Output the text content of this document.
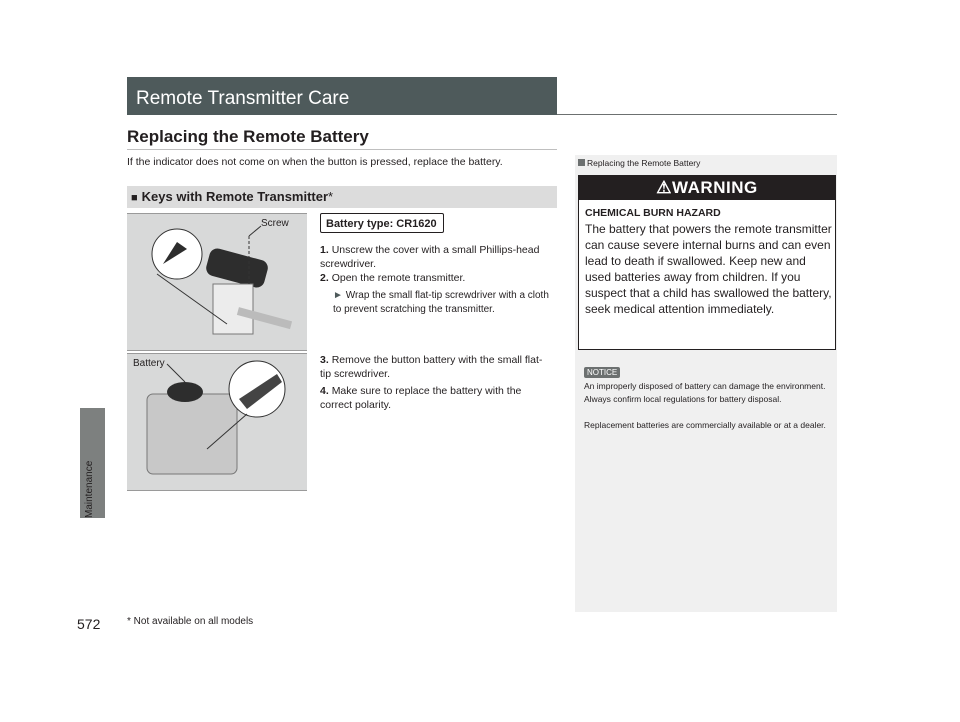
Maintenance
572
Remote Transmitter Care
Replacing the Remote Battery
If the indicator does not come on when the button is pressed, replace the battery.
■ Keys with Remote Transmitter*
Screw
Battery
Battery type: CR1620
1. Unscrew the cover with a small Phillips-head screwdriver.
2. Open the remote transmitter.
► Wrap the small flat-tip screwdriver with a cloth to prevent scratching the transmitter.
3. Remove the button battery with the small flat-tip screwdriver.
4. Make sure to replace the battery with the correct polarity.
Replacing the Remote Battery
⚠WARNING
CHEMICAL BURN HAZARD
The battery that powers the remote transmitter can cause severe internal burns and can even lead to death if swallowed. Keep new and used batteries away from children. If you suspect that a child has swallowed the battery, seek medical attention immediately.
NOTICE
An improperly disposed of battery can damage the environment. Always confirm local regulations for battery disposal.
Replacement batteries are commercially available or at a dealer.
* Not available on all models
